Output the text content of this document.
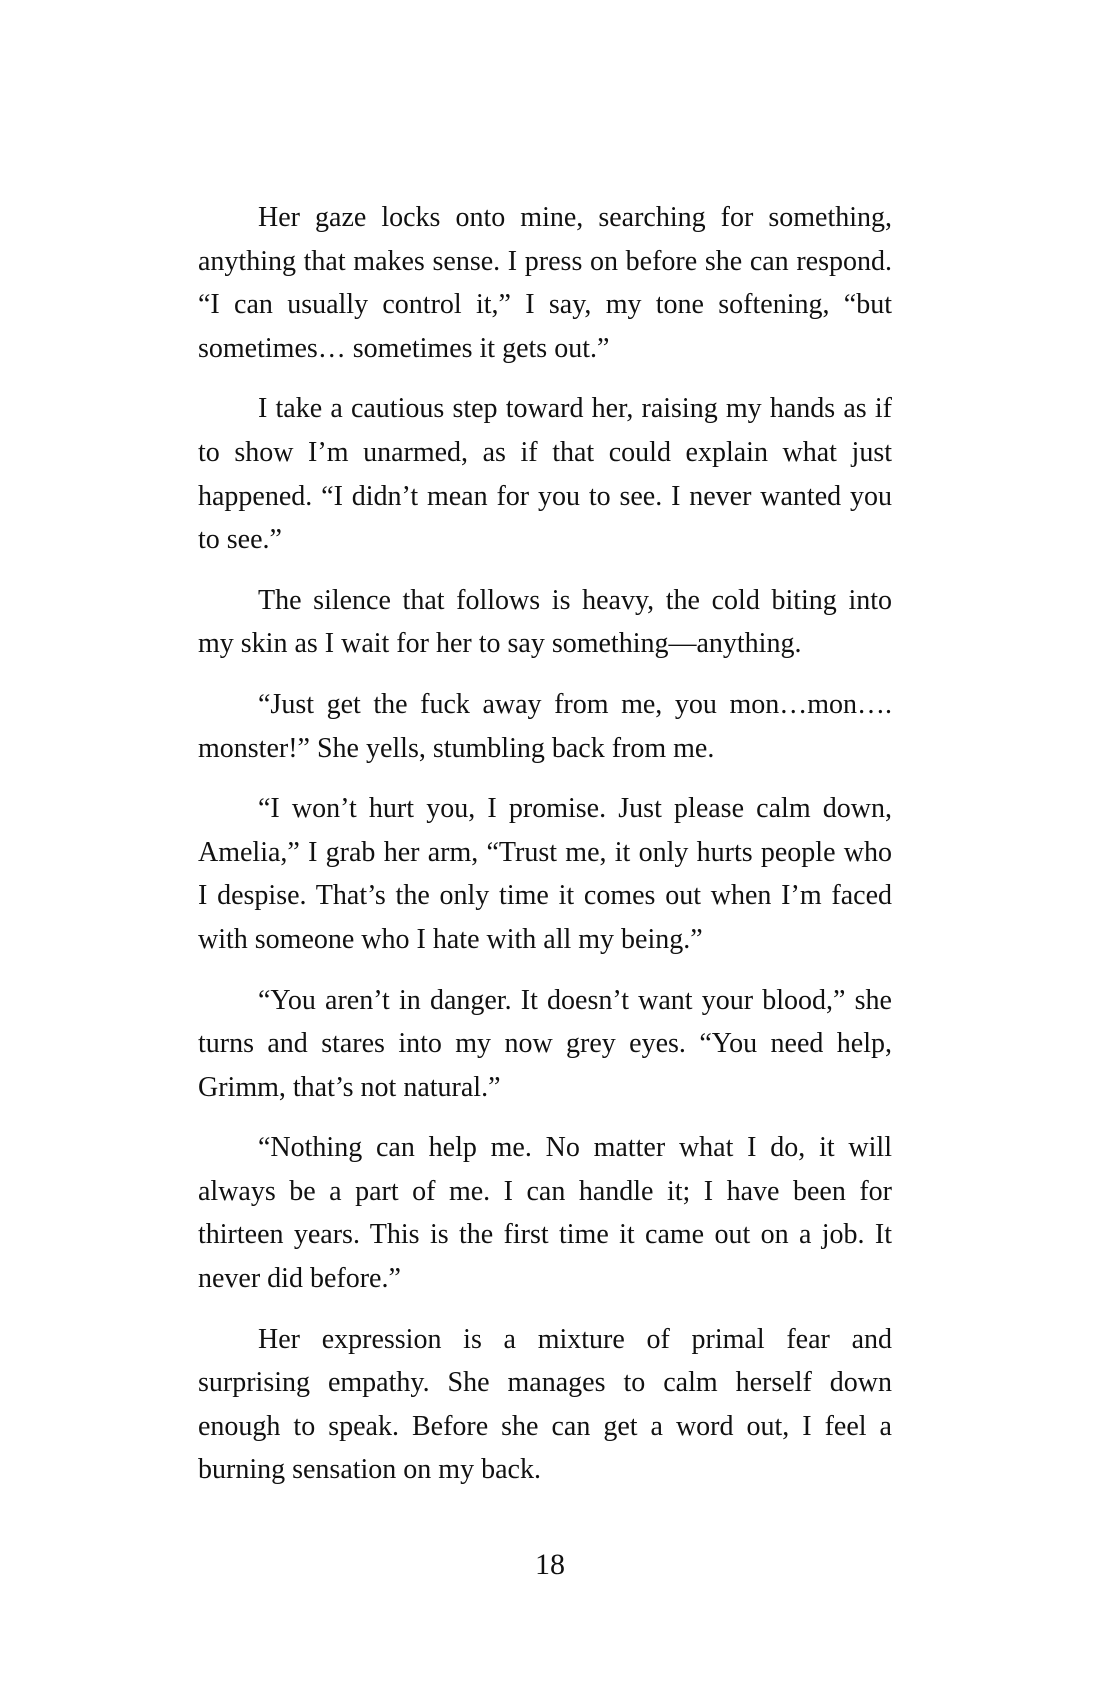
Her gaze locks onto mine, searching for something, anything that makes sense. I press on before she can respond. “I can usually control it,” I say, my tone softening, “but sometimes… sometimes it gets out.”

I take a cautious step toward her, raising my hands as if to show I’m unarmed, as if that could explain what just happened. “I didn’t mean for you to see. I never wanted you to see.”

The silence that follows is heavy, the cold biting into my skin as I wait for her to say something—anything.

“Just get the fuck away from me, you mon…mon…. monster!” She yells, stumbling back from me.

“I won’t hurt you, I promise. Just please calm down, Amelia,” I grab her arm, “Trust me, it only hurts people who I despise. That’s the only time it comes out when I’m faced with someone who I hate with all my being.”

“You aren’t in danger. It doesn’t want your blood,” she turns and stares into my now grey eyes. “You need help, Grimm, that’s not natural.”

“Nothing can help me. No matter what I do, it will always be a part of me. I can handle it; I have been for thirteen years. This is the first time it came out on a job. It never did before.”

Her expression is a mixture of primal fear and surprising empathy. She manages to calm herself down enough to speak. Before she can get a word out, I feel a burning sensation on my back.

18
